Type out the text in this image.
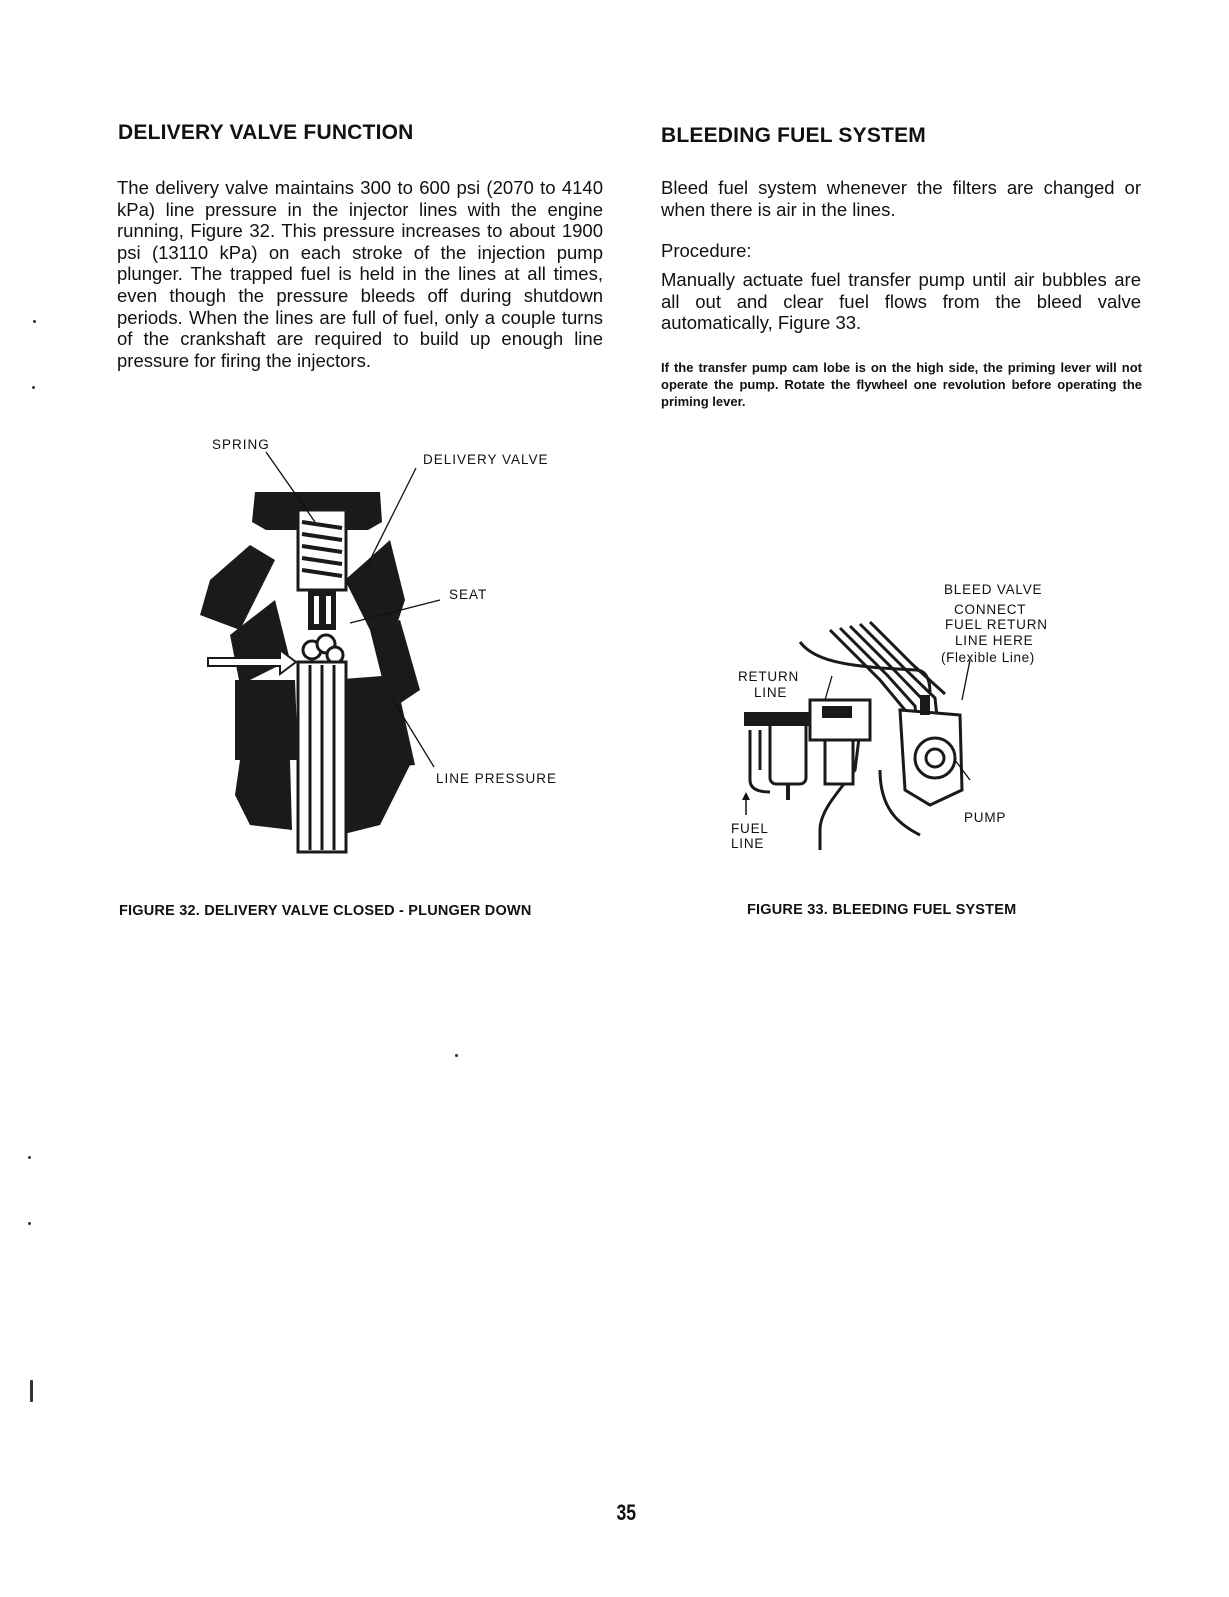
DELIVERY VALVE FUNCTION

The delivery valve maintains 300 to 600 psi (2070 to 4140 kPa) line pressure in the injector lines with the engine running, Figure 32. This pressure increases to about 1900 psi (13110 kPa) on each stroke of the injection pump plunger. The trapped fuel is held in the lines at all times, even though the pressure bleeds off during shutdown periods. When the lines are full of fuel, only a couple turns of the crankshaft are required to build up enough line pressure for firing the injectors.

BLEEDING FUEL SYSTEM

Bleed fuel system whenever the filters are changed or when there is air in the lines.

Procedure:

Manually actuate fuel transfer pump until air bubbles are all out and clear fuel flows from the bleed valve automatically, Figure 33.

If the transfer pump cam lobe is on the high side, the priming lever will not operate the pump. Rotate the flywheel one revolution before operating the priming lever.

SPRING
DELIVERY VALVE
SEAT
LINE PRESSURE

FIGURE 32. DELIVERY VALVE CLOSED - PLUNGER DOWN

BLEED VALVE
CONNECT
FUEL RETURN
LINE HERE
(Flexible Line)
RETURN
LINE
FUEL
LINE
PUMP

FIGURE 33. BLEEDING FUEL SYSTEM

35
